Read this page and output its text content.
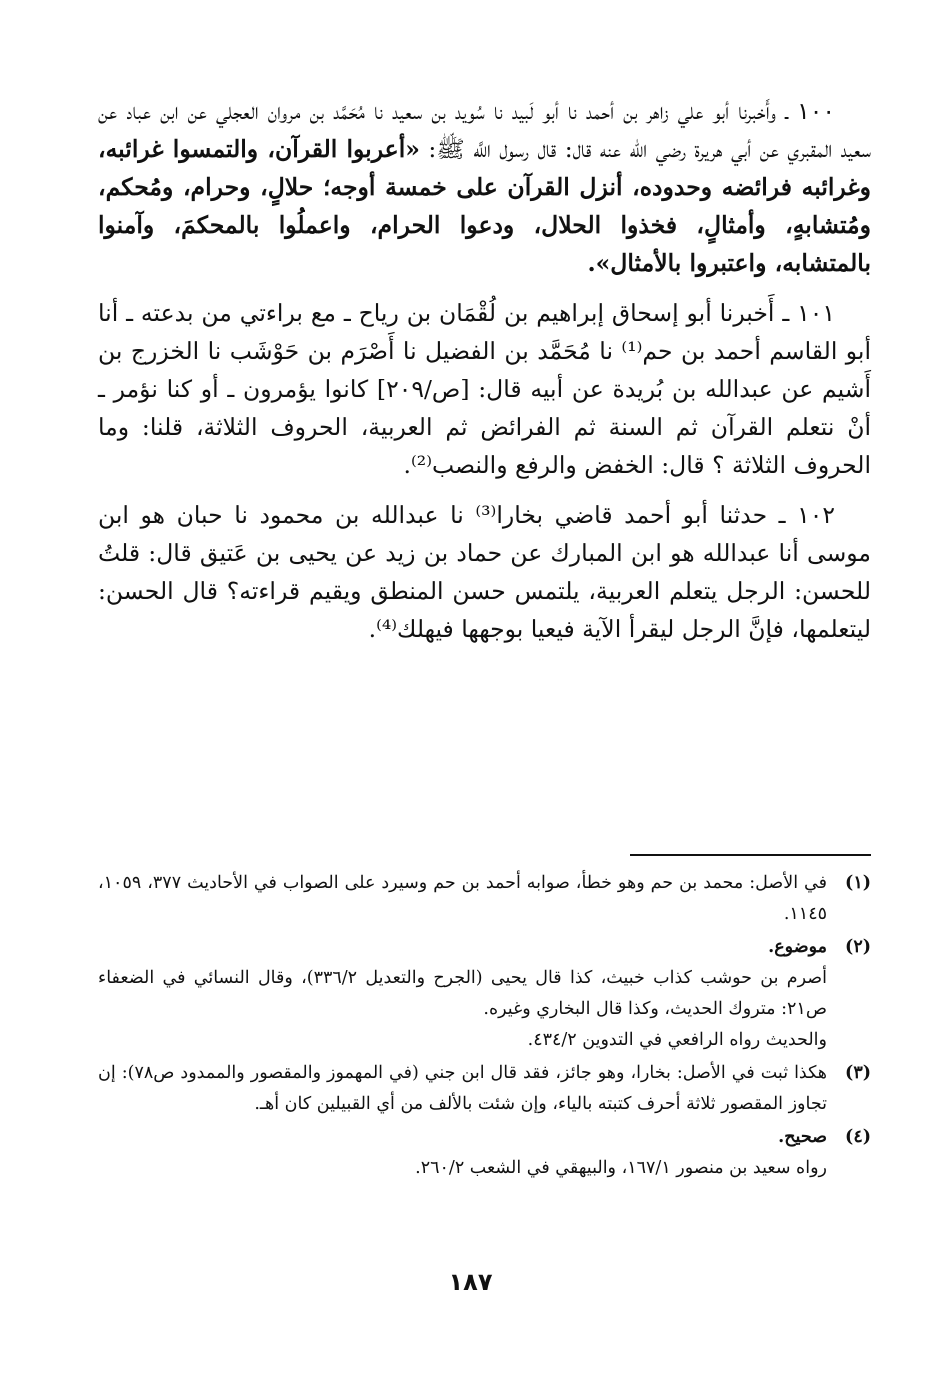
١٠٠ ـ وأَخبرنا أبو علي زاهر بن أحمد نا أبو لَبيد نا سُويد بن سعيد نا مُحَمَّد بن مروان العجلي عن ابن عباد عن سعيد المقبري عن أبي هريرة رضي الله عنه قال: قال رسول اللَّه ﷺ: «أعربوا القرآن، والتمسوا غرائبه، وغرائبه فرائضه وحدوده، أنزل القرآن على خمسة أوجه؛ حلالٍ، وحرام، ومُحكم، ومُتشابهٍ، وأمثالٍ، فخذوا الحلال، ودعوا الحرام، واعملُوا بالمحكمَ، وآمنوا بالمتشابه، واعتبروا بالأمثال».

١٠١ ـ أَخبرنا أبو إسحاق إبراهيم بن لُقْمَان بن رياح ـ مع براءتي من بدعته ـ أنا أبو القاسم أحمد بن حم⁽¹⁾ نا مُحَمَّد بن الفضيل نا أَصْرَم بن حَوْشَب نا الخزرج بن أَشيم عن عبدالله بن بُريدة عن أبيه قال: [ص/٢٠٩] كانوا يؤمرون ـ أو كنا نؤمر ـ أنْ نتعلم القرآن ثم السنة ثم الفرائض ثم العربية، الحروف الثلاثة، قلنا: وما الحروف الثلاثة ؟ قال: الخفض والرفع والنصب⁽²⁾.

١٠٢ ـ حدثنا أبو أحمد قاضي بخارا⁽³⁾ نا عبدالله بن محمود نا حبان هو ابن موسى أنا عبدالله هو ابن المبارك عن حماد بن زيد عن يحيى بن عَتيق قال: قلتُ للحسن: الرجل يتعلم العربية، يلتمس حسن المنطق ويقيم قراءته؟ قال الحسن: ليتعلمها، فإنَّ الرجل ليقرأ الآية فيعيا بوجهها فيهلك⁽⁴⁾.

(١)

في الأصل: محمد بن حم وهو خطأ، صوابه أحمد بن حم وسيرد على الصواب في الأحاديث ٣٧٧، ١٠٥٩، ١١٤٥.

(٢)

موضوع.

أصرم بن حوشب كذاب خبيث، كذا قال يحيى (الجرح والتعديل ٣٣٦/٢)، وقال النسائي في الضعفاء ص٢١: متروك الحديث، وكذا قال البخاري وغيره.

والحديث رواه الرافعي في التدوين ٤٣٤/٢.

(٣)

هكذا ثبت في الأصل: بخارا، وهو جائز، فقد قال ابن جني (في المهموز والمقصور والممدود ص٧٨): إن تجاوز المقصور ثلاثة أحرف كتبته بالياء، وإن شئت بالألف من أي القبيلين كان أهـ.

(٤)

صحيح.

رواه سعيد بن منصور ١٦٧/١، والبيهقي في الشعب ٢٦٠/٢.

١٨٧
